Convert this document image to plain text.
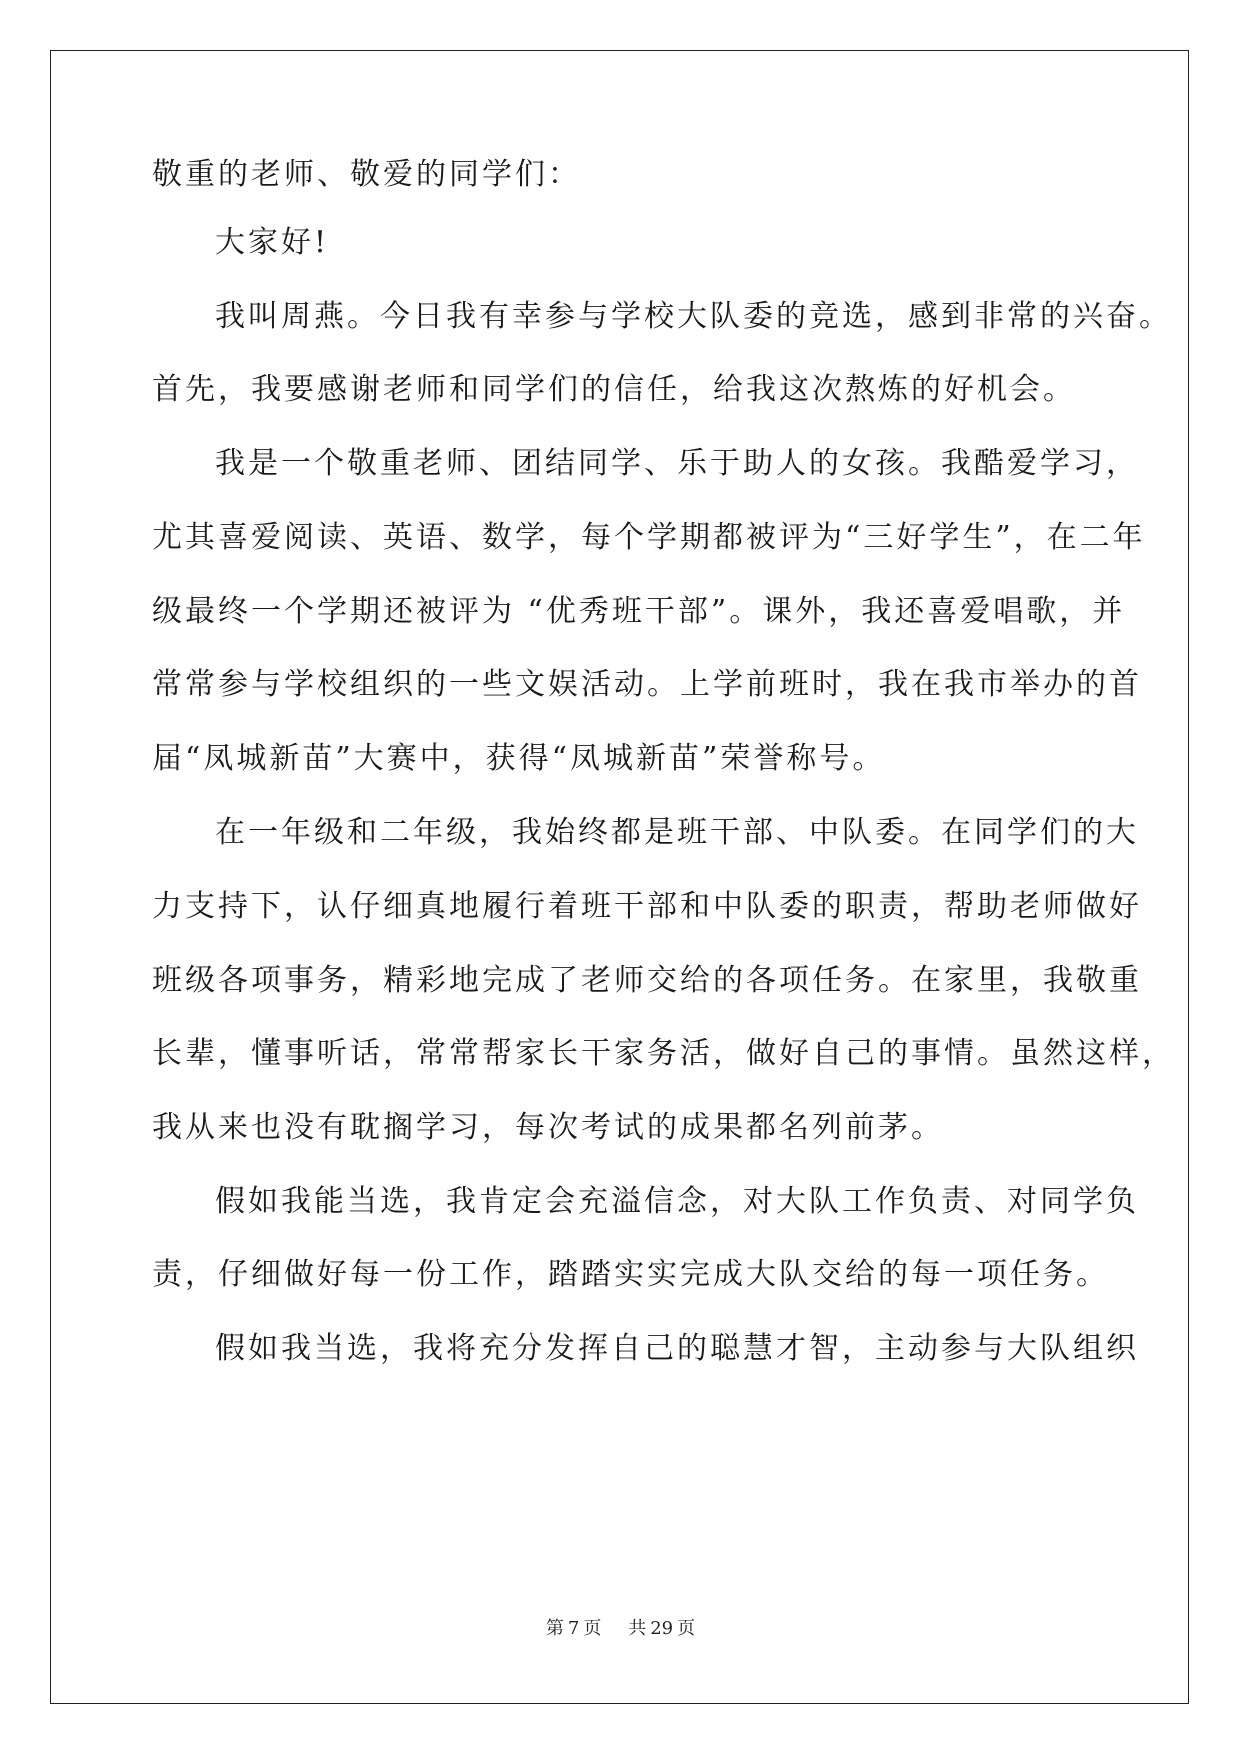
敬重的老师、敬爱的同学们：
大家好!
我叫周燕。今日我有幸参与学校大队委的竞选，感到非常的兴奋。
首先，我要感谢老师和同学们的信任，给我这次熬炼的好机会。
我是一个敬重老师、团结同学、乐于助人的女孩。我酷爱学习，
尤其喜爱阅读、英语、数学，每个学期都被评为“三好学生”，在二年
级最终一个学期还被评为 “优秀班干部”。课外，我还喜爱唱歌，并
常常参与学校组织的一些文娱活动。上学前班时，我在我市举办的首
届“凤城新苗”大赛中，获得“凤城新苗”荣誉称号。
在一年级和二年级，我始终都是班干部、中队委。在同学们的大
力支持下，认仔细真地履行着班干部和中队委的职责，帮助老师做好
班级各项事务，精彩地完成了老师交给的各项任务。在家里，我敬重
长辈，懂事听话，常常帮家长干家务活，做好自己的事情。虽然这样，
我从来也没有耽搁学习，每次考试的成果都名列前茅。
假如我能当选，我肯定会充溢信念，对大队工作负责、对同学负
责，仔细做好每一份工作，踏踏实实完成大队交给的每一项任务。
假如我当选，我将充分发挥自己的聪慧才智，主动参与大队组织
第 7 页 共 29 页
